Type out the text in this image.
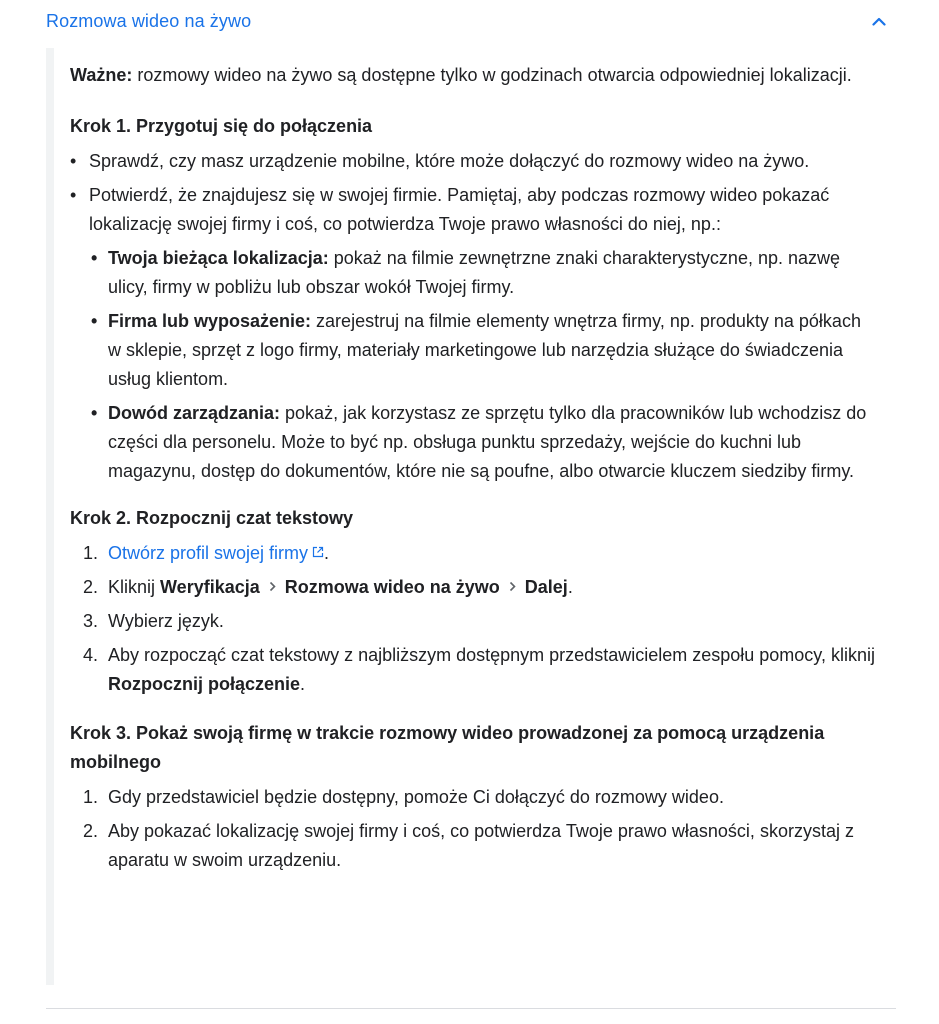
Rozmowa wideo na żywo

Ważne: rozmowy wideo na żywo są dostępne tylko w godzinach otwarcia odpowiedniej lokalizacji.

Krok 1. Przygotuj się do połączenia
• Sprawdź, czy masz urządzenie mobilne, które może dołączyć do rozmowy wideo na żywo.
• Potwierdź, że znajdujesz się w swojej firmie. Pamiętaj, aby podczas rozmowy wideo pokazać lokalizację swojej firmy i coś, co potwierdza Twoje prawo własności do niej, np.:
• Twoja bieżąca lokalizacja: pokaż na filmie zewnętrzne znaki charakterystyczne, np. nazwę ulicy, firmy w pobliżu lub obszar wokół Twojej firmy.
• Firma lub wyposażenie: zarejestruj na filmie elementy wnętrza firmy, np. produkty na półkach w sklepie, sprzęt z logo firmy, materiały marketingowe lub narzędzia służące do świadczenia usług klientom.
• Dowód zarządzania: pokaż, jak korzystasz ze sprzętu tylko dla pracowników lub wchodzisz do części dla personelu. Może to być np. obsługa punktu sprzedaży, wejście do kuchni lub magazynu, dostęp do dokumentów, które nie są poufne, albo otwarcie kluczem siedziby firmy.
Krok 2. Rozpocznij czat tekstowy
1. Otwórz profil swojej firmy .
2. Kliknij Weryfikacja Rozmowa wideo na żywo Dalej.
3. Wybierz język.
4. Aby rozpocząć czat tekstowy z najbliższym dostępnym przedstawicielem zespołu pomocy, kliknij Rozpocznij połączenie.
Krok 3. Pokaż swoją firmę w trakcie rozmowy wideo prowadzonej za pomocą urządzenia mobilnego
1. Gdy przedstawiciel będzie dostępny, pomoże Ci dołączyć do rozmowy wideo.
2. Aby pokazać lokalizację swojej firmy i coś, co potwierdza Twoje prawo własności, skorzystaj z aparatu w swoim urządzeniu.
